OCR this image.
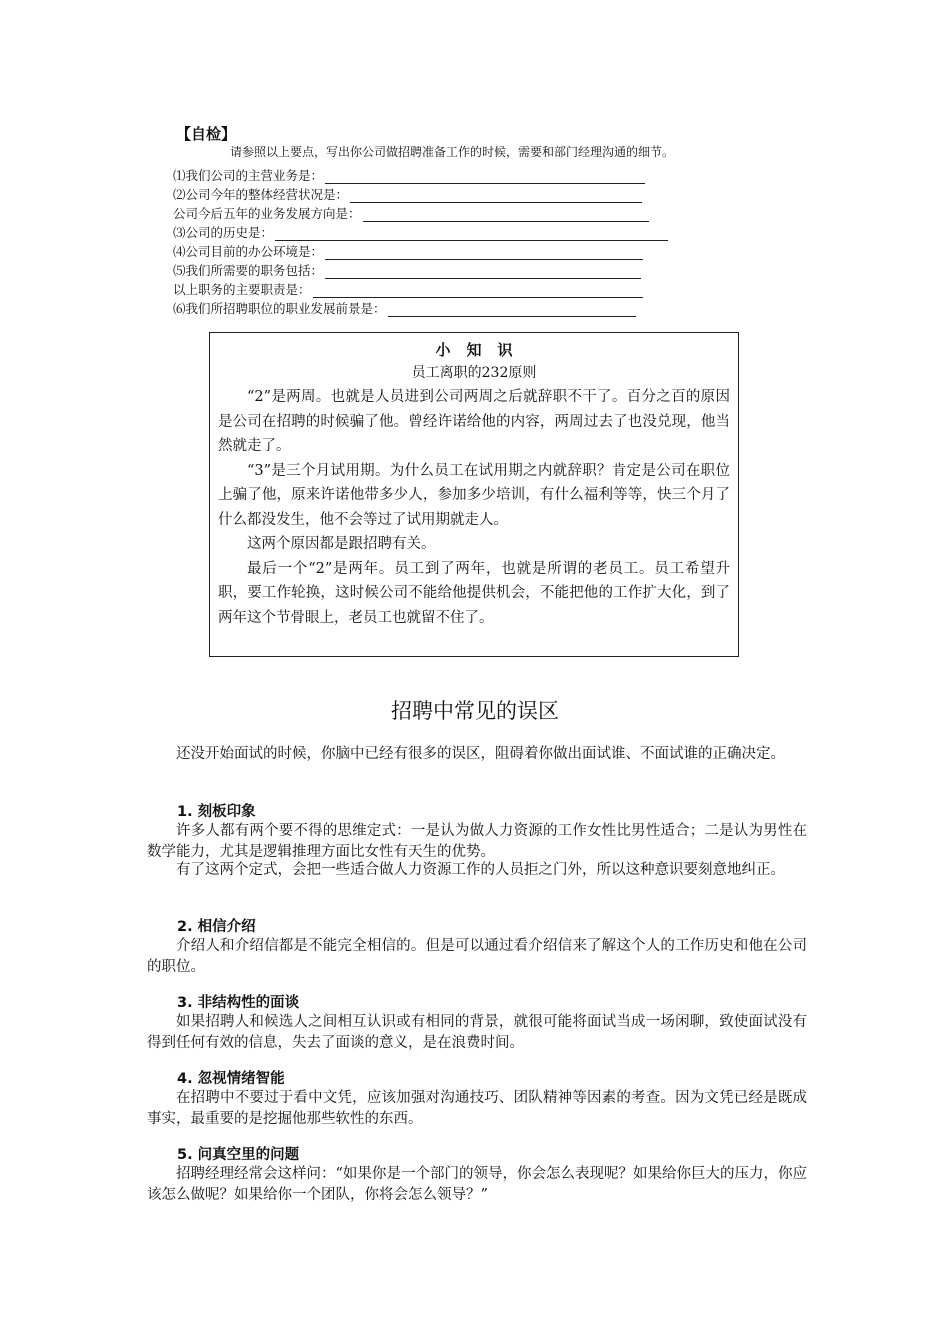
【自检】
请参照以上要点，写出你公司做招聘准备工作的时候，需要和部门经理沟通的细节。
⑴我们公司的主营业务是：
⑵公司今年的整体经营状况是：
公司今后五年的业务发展方向是：
⑶公司的历史是：
⑷公司目前的办公环境是：
⑸我们所需要的职务包括：
以上职务的主要职责是：
⑹我们所招聘职位的职业发展前景是：
小知识
员工离职的232原则

“2”是两周。也就是人员进到公司两周之后就辞职不干了。百分之百的原因是公司在招聘的时候骗了他。曾经许诺给他的内容，两周过去了也没兑现，他当然就走了。

“3”是三个月试用期。为什么员工在试用期之内就辞职？肯定是公司在职位上骗了他，原来许诺他带多少人，参加多少培训，有什么福利等等，快三个月了什么都没发生，他不会等过了试用期就走人。

这两个原因都是跟招聘有关。

最后一个“2”是两年。员工到了两年，也就是所谓的老员工。员工希望升职，要工作轮换，这时候公司不能给他提供机会，不能把他的工作扩大化，到了两年这个节骨眼上，老员工也就留不住了。

招聘中常见的误区

还没开始面试的时候，你脑中已经有很多的误区，阻碍着你做出面试谁、不面试谁的正确决定。

1. 刻板印象

许多人都有两个要不得的思维定式：一是认为做人力资源的工作女性比男性适合；二是认为男性在数学能力，尤其是逻辑推理方面比女性有天生的优势。

有了这两个定式，会把一些适合做人力资源工作的人员拒之门外，所以这种意识要刻意地纠正。

2. 相信介绍

介绍人和介绍信都是不能完全相信的。但是可以通过看介绍信来了解这个人的工作历史和他在公司的职位。

3. 非结构性的面谈

如果招聘人和候选人之间相互认识或有相同的背景，就很可能将面试当成一场闲聊，致使面试没有得到任何有效的信息，失去了面谈的意义，是在浪费时间。

4. 忽视情绪智能

在招聘中不要过于看中文凭，应该加强对沟通技巧、团队精神等因素的考查。因为文凭已经是既成事实，最重要的是挖掘他那些软性的东西。

5. 问真空里的问题

招聘经理经常会这样问：“如果你是一个部门的领导，你会怎么表现呢？如果给你巨大的压力，你应该怎么做呢？如果给你一个团队，你将会怎么领导？”
